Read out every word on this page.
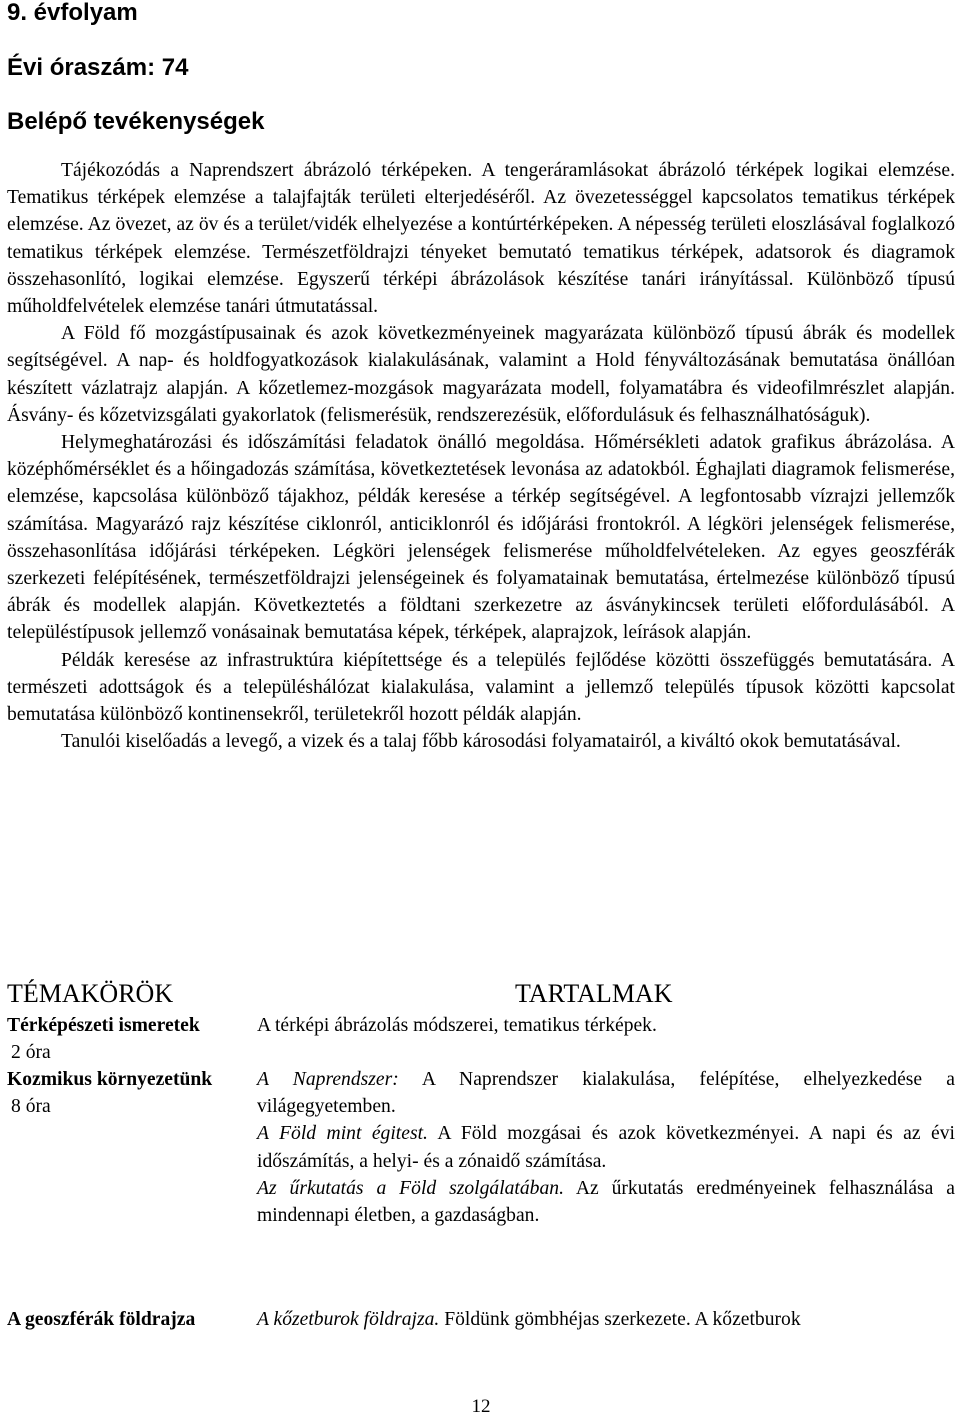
9. évfolyam
Évi óraszám: 74
Belépő tevékenységek

Tájékozódás a Naprendszert ábrázoló térképeken. A tengeráramlásokat ábrázoló térképek logikai elemzése. Tematikus térképek elemzése a talajfajták területi elterjedéséről. Az övezetességgel kapcsolatos tematikus térképek elemzése. Az övezet, az öv és a terület/vidék elhelyezése a kontúrtérképeken. A népesség területi eloszlásával foglalkozó tematikus térképek elemzése. Természetföldrajzi tényeket bemutató tematikus térképek, adatsorok és diagramok összehasonlító, logikai elemzése. Egyszerű térképi ábrázolások készítése tanári irányítással. Különböző típusú műholdfelvételek elemzése tanári útmutatással.

A Föld fő mozgástípusainak és azok következményeinek magyarázata különböző típusú ábrák és modellek segítségével. A nap- és holdfogyatkozások kialakulásának, valamint a Hold fényváltozásának bemutatása önállóan készített vázlatrajz alapján. A kőzetlemez-mozgások magyarázata modell, folyamatábra és videofilmrészlet alapján. Ásvány- és kőzetvizsgálati gyakorlatok (felismerésük, rendszerezésük, előfordulásuk és felhasználhatóságuk).

Helymeghatározási és időszámítási feladatok önálló megoldása. Hőmérsékleti adatok grafikus ábrázolása. A középhőmérséklet és a hőingadozás számítása, következtetések levonása az adatokból. Éghajlati diagramok felismerése, elemzése, kapcsolása különböző tájakhoz, példák keresése a térkép segítségével. A legfontosabb vízrajzi jellemzők számítása. Magyarázó rajz készítése ciklonról, anticiklonról és időjárási frontokról. A légköri jelenségek felismerése, összehasonlítása időjárási térképeken. Légköri jelenségek felismerése műholdfelvételeken. Az egyes geoszférák szerkezeti felépítésének, természetföldrajzi jelenségeinek és folyamatainak bemutatása, értelmezése különböző típusú ábrák és modellek alapján. Következtetés a földtani szerkezetre az ásványkincsek területi előfordulásából. A településtípusok jellemző vonásainak bemutatása képek, térképek, alaprajzok, leírások alapján.

Példák keresése az infrastruktúra kiépítettsége és a település fejlődése közötti összefüggés bemutatására. A természeti adottságok és a településhálózat kialakulása, valamint a jellemző település típusok közötti kapcsolat bemutatása különböző kontinensekről, területekről hozott példák alapján.

Tanulói kiselőadás a levegő, a vizek és a talaj főbb károsodási folyamatairól, a kiváltó okok bemutatásával.

TÉMAKÖRÖK	TARTALMAK
Térképészeti ismeretek
2 óra

A térképi ábrázolás módszerei, tematikus térképek.

Kozmikus környezetünk
8 óra

A Naprendszer: A Naprendszer kialakulása, felépítése, elhelyezkedése a világegyetemben.

A Föld mint égitest. A Föld mozgásai és azok következményei. A napi és az évi időszámítás, a helyi- és a zónaidő számítása.

Az űrkutatás a Föld szolgálatában. Az űrkutatás eredményeinek felhasználása a mindennapi életben, a gazdaságban.

A geoszférák földrajza	A kőzetburok földrajza. Földünk gömbhéjas szerkezete. A kőzetburok

12
